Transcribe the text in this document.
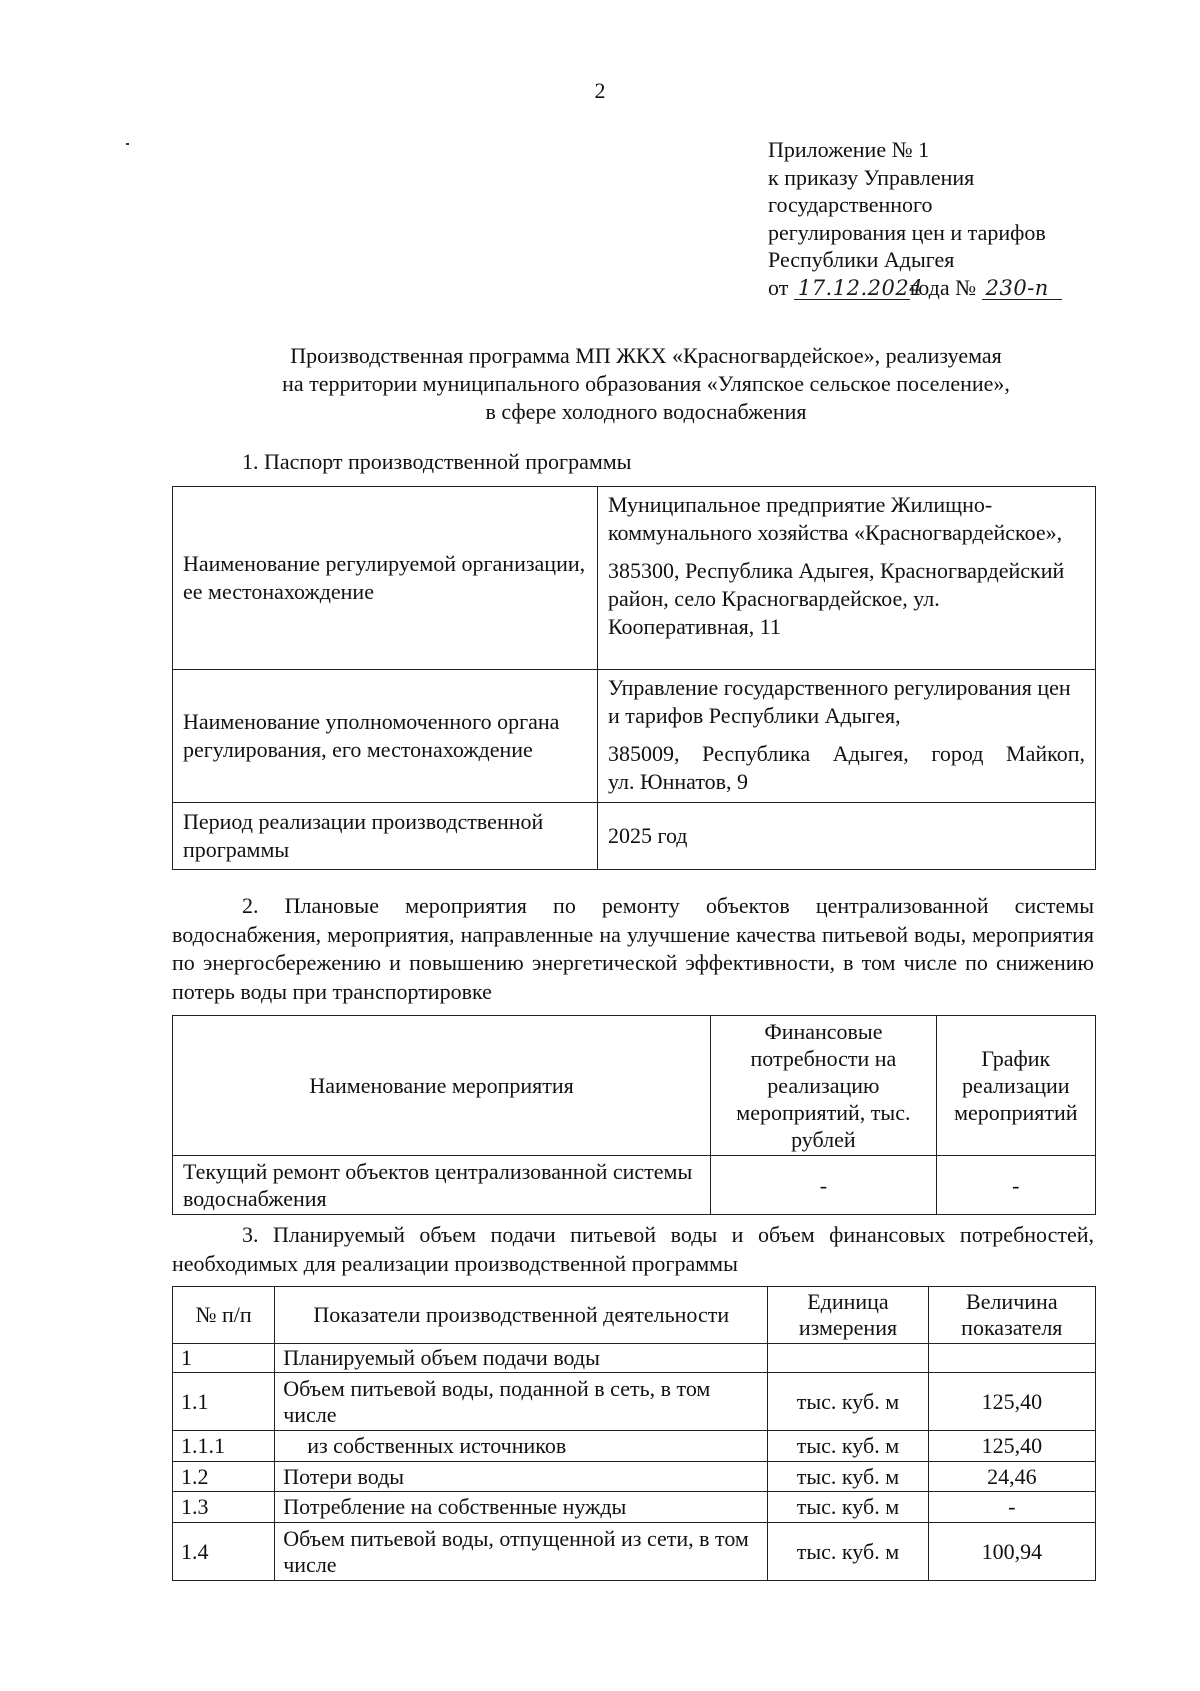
2
Приложение № 1
к приказу Управления
государственного
регулирования цен и тарифов
Республики Адыгея
от 17.12.2024года № 230-п
Производственная программа МП ЖКХ «Красногвардейское», реализуемая
на территории муниципального образования «Уляпское сельское поселение»,
в сфере холодного водоснабжения
1. Паспорт производственной программы
Наименование регулируемой организации, ее местонахождение	Муниципальное предприятие Жилищно-коммунального хозяйства «Красногвардейское»,

385300, Республика Адыгея, Красногвардейский район, село Красногвардейское, ул. Кооперативная, 11

Наименование уполномоченного органа регулирования, его местонахождение	Управление государственного регулирования цен и тарифов Республики Адыгея,

385009, Республика Адыгея, город Майкоп,
ул. Юннатов, 9

Период реализации производственной программы	2025 год
2. Плановые мероприятия по ремонту объектов централизованной системы водоснабжения, мероприятия, направленные на улучшение качества питьевой воды, мероприятия по энергосбережению и повышению энергетической эффективности, в том числе по снижению потерь воды при транспортировке
Наименование мероприятия	Финансовые потребности на реализацию мероприятий, тыс. рублей	График реализации мероприятий
Текущий ремонт объектов централизованной системы водоснабжения	-	-
3. Планируемый объем подачи питьевой воды и объем финансовых потребностей, необходимых для реализации производственной программы
№ п/п	Показатели производственной деятельности	Единица измерения	Величина показателя
1	Планируемый объем подачи воды		
1.1	Объем питьевой воды, поданной в сеть, в том числе	тыс. куб. м	125,40
1.1.1	из собственных источников	тыс. куб. м	125,40
1.2	Потери воды	тыс. куб. м	24,46
1.3	Потребление на собственные нужды	тыс. куб. м	-
1.4	Объем питьевой воды, отпущенной из сети, в том числе	тыс. куб. м	100,94
